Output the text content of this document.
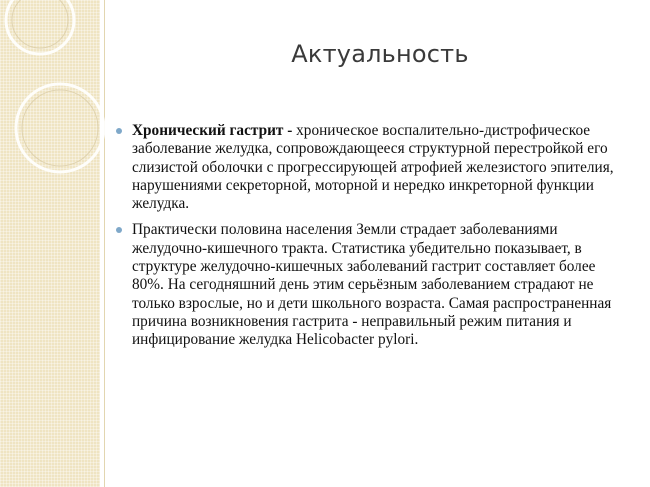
Актуальность
Хронический гастрит - хроническое воспалительно-дистрофическое заболевание желудка, сопровождающееся структурной перестройкой его слизистой оболочки с прогрессирующей атрофией железистого эпителия, нарушениями секреторной, моторной и нередко инкреторной функции желудка.
Практически половина населения Земли страдает заболеваниями желудочно-кишечного тракта. Статистика убедительно показывает, в структуре желудочно-кишечных заболеваний гастрит составляет более 80%. На сегодняшний день этим серьёзным заболеванием страдают не только взрослые, но и дети школьного возраста. Самая распространенная причина возникновения гастрита - неправильный режим питания и инфицирование желудка Helicobacter pylori.
